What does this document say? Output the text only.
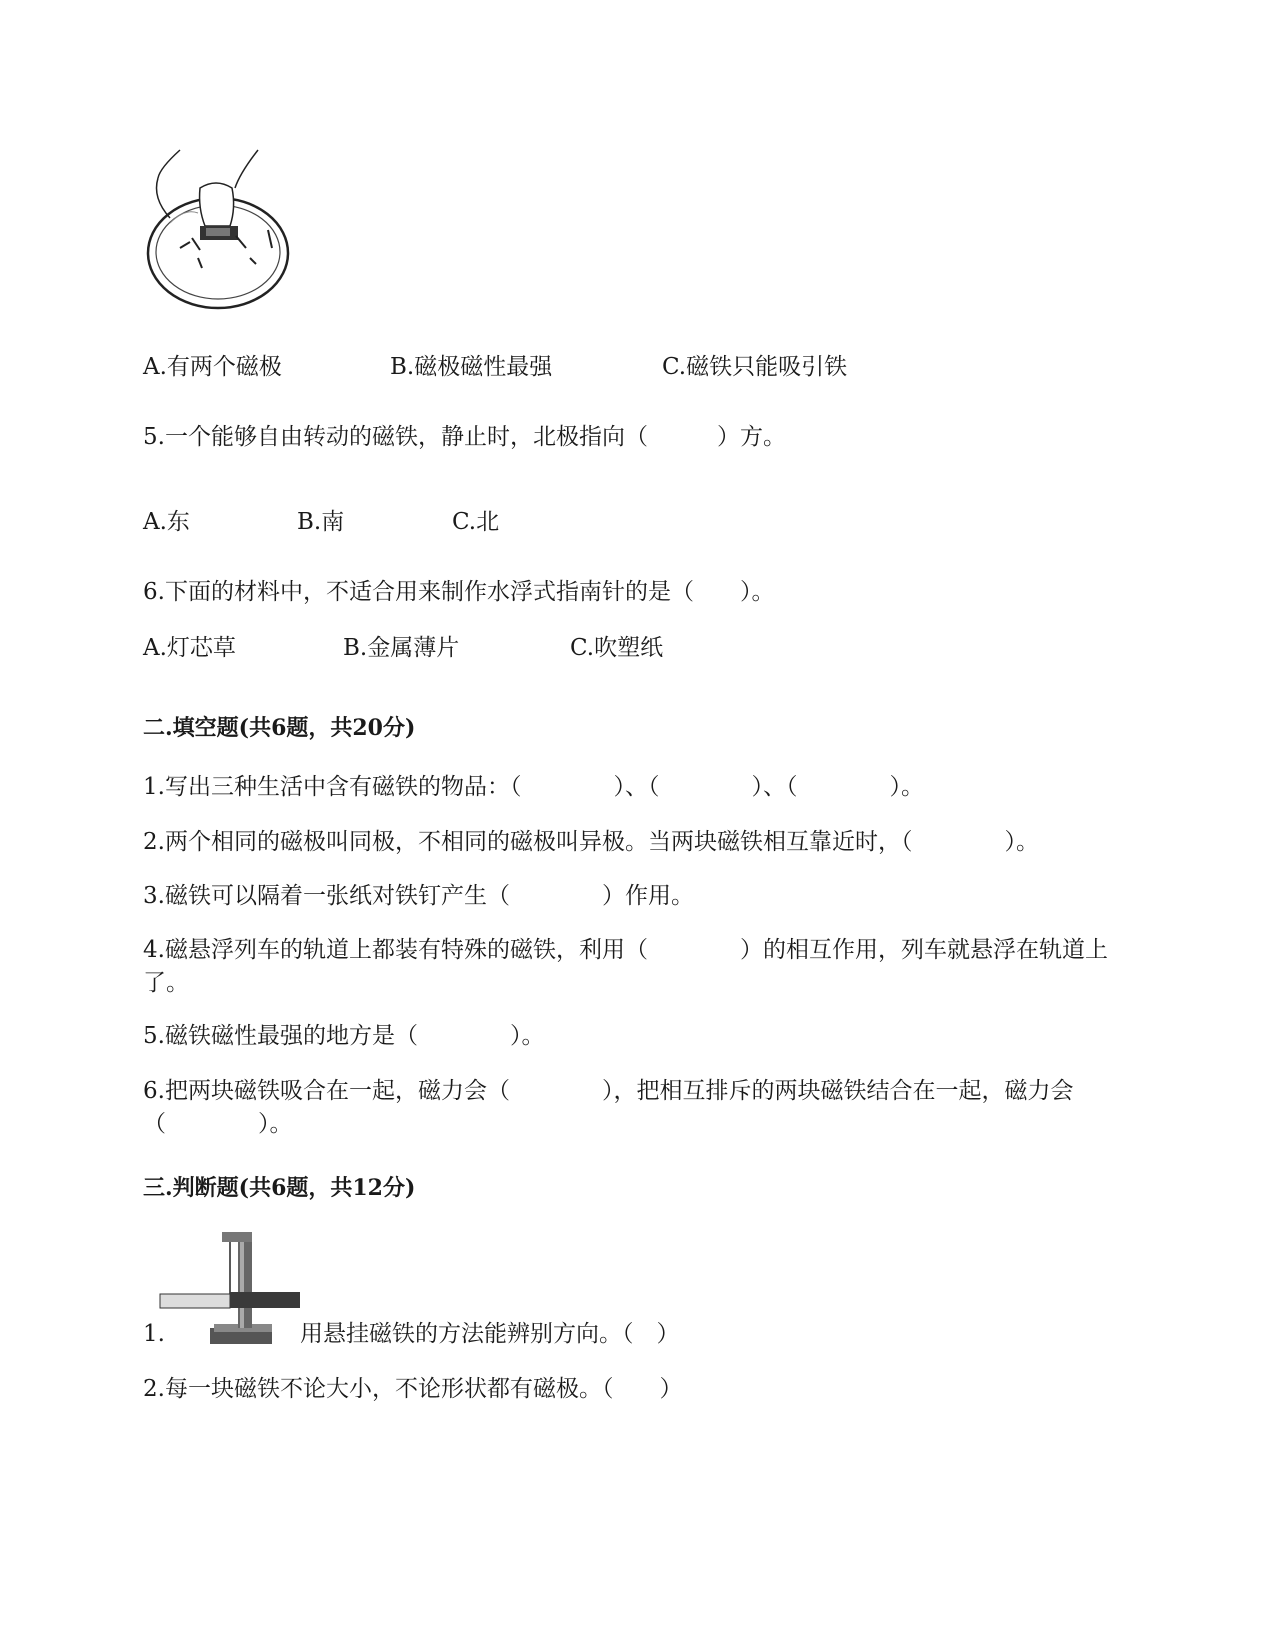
A.有两个磁极	B.磁极磁性最强	C.磁铁只能吸引铁
5.一个能够自由转动的磁铁，静止时，北极指向（　　　）方。
A.东	B.南	C.北
6.下面的材料中，不适合用来制作水浮式指南针的是（　　）。
A.灯芯草	B.金属薄片	C.吹塑纸
二.填空题(共6题，共20分)
1.写出三种生活中含有磁铁的物品：（　　　　）、（　　　　）、（　　　　）。
2.两个相同的磁极叫同极，不相同的磁极叫异极。当两块磁铁相互靠近时，（　　　　）。
3.磁铁可以隔着一张纸对铁钉产生（　　　　）作用。
4.磁悬浮列车的轨道上都装有特殊的磁铁，利用（　　　　）的相互作用，列车就悬浮在轨道上了。
5.磁铁磁性最强的地方是（　　　　）。
6.把两块磁铁吸合在一起，磁力会（　　　　），把相互排斥的两块磁铁结合在一起，磁力会（　　　　）。
三.判断题(共6题，共12分)
1.	用悬挂磁铁的方法能辨别方向。（　）
2.每一块磁铁不论大小，不论形状都有磁极。（　　）
